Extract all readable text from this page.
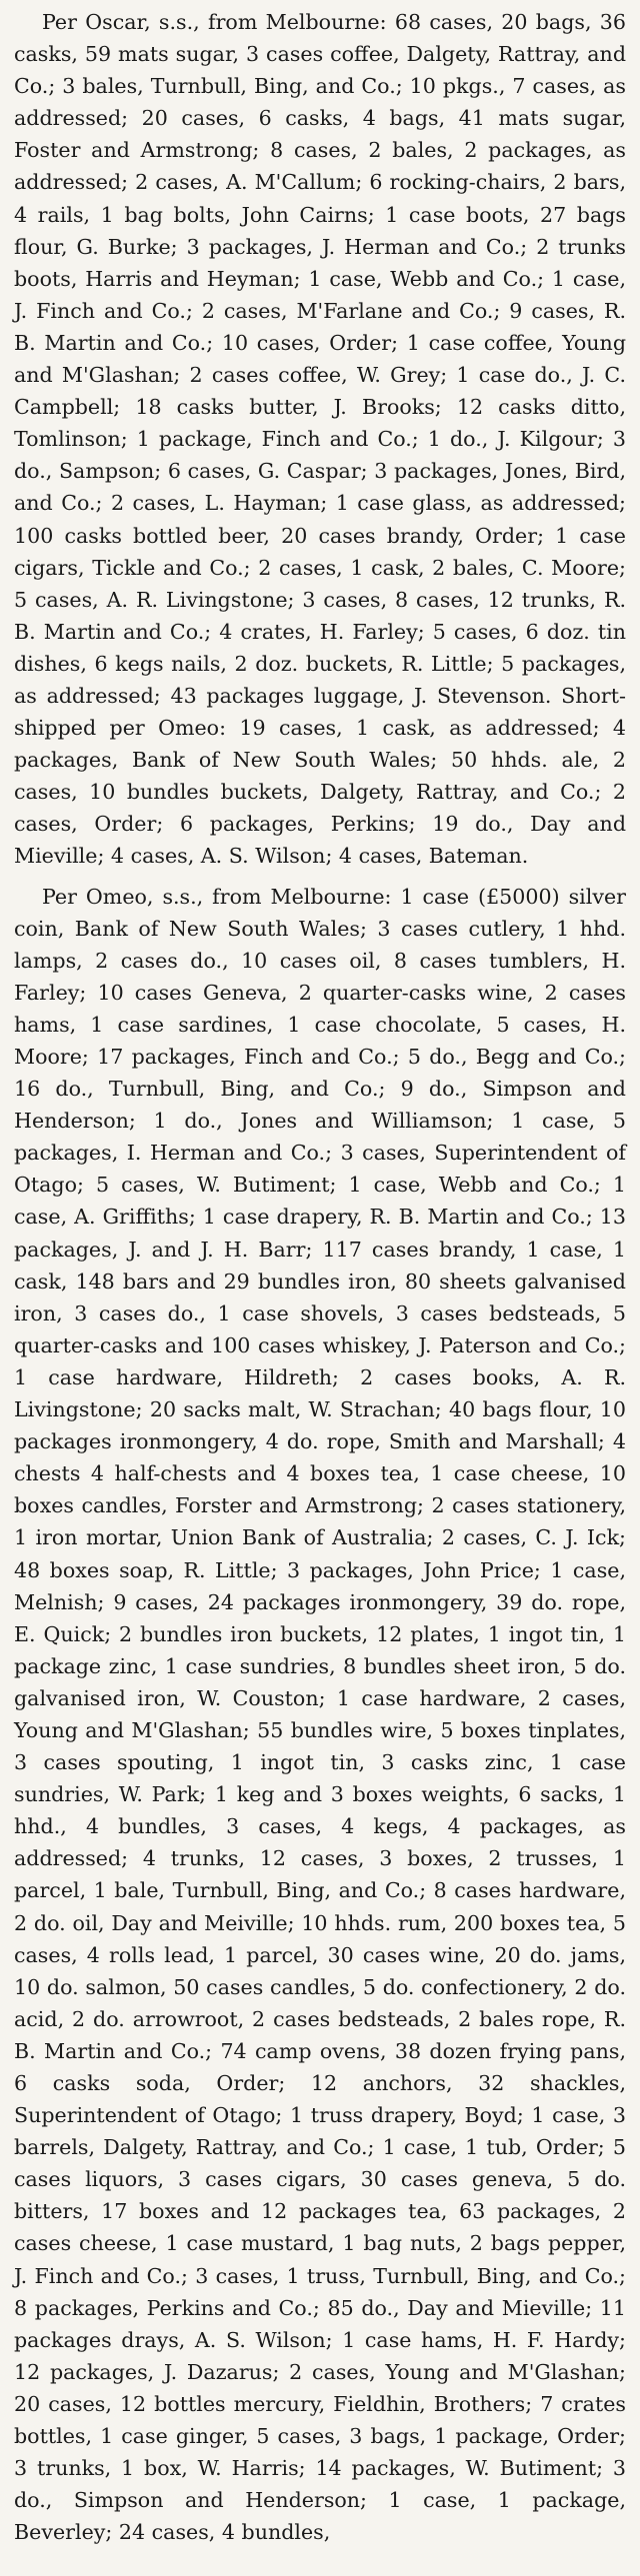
Per Oscar, s.s., from Melbourne: 68 cases, 20 bags, 36 casks, 59 mats sugar, 3 cases coffee, Dalgety, Rattray, and Co.; 3 bales, Turnbull, Bing, and Co.; 10 pkgs., 7 cases, as addressed; 20 cases, 6 casks, 4 bags, 41 mats sugar, Foster and Armstrong; 8 cases, 2 bales, 2 packages, as addressed; 2 cases, A. M'Callum; 6 rocking-chairs, 2 bars, 4 rails, 1 bag bolts, John Cairns; 1 case boots, 27 bags flour, G. Burke; 3 packages, J. Herman and Co.; 2 trunks boots, Harris and Heyman; 1 case, Webb and Co.; 1 case, J. Finch and Co.; 2 cases, M'Farlane and Co.; 9 cases, R. B. Martin and Co.; 10 cases, Order; 1 case coffee, Young and M'Glashan; 2 cases coffee, W. Grey; 1 case do., J. C. Campbell; 18 casks butter, J. Brooks; 12 casks ditto, Tomlinson; 1 package, Finch and Co.; 1 do., J. Kilgour; 3 do., Sampson; 6 cases, G. Caspar; 3 packages, Jones, Bird, and Co.; 2 cases, L. Hayman; 1 case glass, as addressed; 100 casks bottled beer, 20 cases brandy, Order; 1 case cigars, Tickle and Co.; 2 cases, 1 cask, 2 bales, C. Moore; 5 cases, A. R. Livingstone; 3 cases, 8 cases, 12 trunks, R. B. Martin and Co.; 4 crates, H. Farley; 5 cases, 6 doz. tin dishes, 6 kegs nails, 2 doz. buckets, R. Little; 5 packages, as addressed; 43 packages luggage, J. Stevenson. Short-shipped per Omeo: 19 cases, 1 cask, as addressed; 4 packages, Bank of New South Wales; 50 hhds. ale, 2 cases, 10 bundles buckets, Dalgety, Rattray, and Co.; 2 cases, Order; 6 packages, Perkins; 19 do., Day and Mieville; 4 cases, A. S. Wilson; 4 cases, Bateman.

Per Omeo, s.s., from Melbourne: 1 case (£5000) silver coin, Bank of New South Wales; 3 cases cutlery, 1 hhd. lamps, 2 cases do., 10 cases oil, 8 cases tumblers, H. Farley; 10 cases Geneva, 2 quarter-casks wine, 2 cases hams, 1 case sardines, 1 case chocolate, 5 cases, H. Moore; 17 packages, Finch and Co.; 5 do., Begg and Co.; 16 do., Turnbull, Bing, and Co.; 9 do., Simpson and Henderson; 1 do., Jones and Williamson; 1 case, 5 packages, I. Herman and Co.; 3 cases, Superintendent of Otago; 5 cases, W. Butiment; 1 case, Webb and Co.; 1 case, A. Griffiths; 1 case drapery, R. B. Martin and Co.; 13 packages, J. and J. H. Barr; 117 cases brandy, 1 case, 1 cask, 148 bars and 29 bundles iron, 80 sheets galvanised iron, 3 cases do., 1 case shovels, 3 cases bedsteads, 5 quarter-casks and 100 cases whiskey, J. Paterson and Co.; 1 case hardware, Hildreth; 2 cases books, A. R. Livingstone; 20 sacks malt, W. Strachan; 40 bags flour, 10 packages ironmongery, 4 do. rope, Smith and Marshall; 4 chests 4 half-chests and 4 boxes tea, 1 case cheese, 10 boxes candles, Forster and Armstrong; 2 cases stationery, 1 iron mortar, Union Bank of Australia; 2 cases, C. J. Ick; 48 boxes soap, R. Little; 3 packages, John Price; 1 case, Melnish; 9 cases, 24 packages ironmongery, 39 do. rope, E. Quick; 2 bundles iron buckets, 12 plates, 1 ingot tin, 1 package zinc, 1 case sundries, 8 bundles sheet iron, 5 do. galvanised iron, W. Couston; 1 case hardware, 2 cases, Young and M'Glashan; 55 bundles wire, 5 boxes tinplates, 3 cases spouting, 1 ingot tin, 3 casks zinc, 1 case sundries, W. Park; 1 keg and 3 boxes weights, 6 sacks, 1 hhd., 4 bundles, 3 cases, 4 kegs, 4 packages, as addressed; 4 trunks, 12 cases, 3 boxes, 2 trusses, 1 parcel, 1 bale, Turnbull, Bing, and Co.; 8 cases hardware, 2 do. oil, Day and Meiville; 10 hhds. rum, 200 boxes tea, 5 cases, 4 rolls lead, 1 parcel, 30 cases wine, 20 do. jams, 10 do. salmon, 50 cases candles, 5 do. confectionery, 2 do. acid, 2 do. arrowroot, 2 cases bedsteads, 2 bales rope, R. B. Martin and Co.; 74 camp ovens, 38 dozen frying pans, 6 casks soda, Order; 12 anchors, 32 shackles, Superintendent of Otago; 1 truss drapery, Boyd; 1 case, 3 barrels, Dalgety, Rattray, and Co.; 1 case, 1 tub, Order; 5 cases liquors, 3 cases cigars, 30 cases geneva, 5 do. bitters, 17 boxes and 12 packages tea, 63 packages, 2 cases cheese, 1 case mustard, 1 bag nuts, 2 bags pepper, J. Finch and Co.; 3 cases, 1 truss, Turnbull, Bing, and Co.; 8 packages, Perkins and Co.; 85 do., Day and Mieville; 11 packages drays, A. S. Wilson; 1 case hams, H. F. Hardy; 12 packages, J. Dazarus; 2 cases, Young and M'Glashan; 20 cases, 12 bottles mercury, Fieldhin, Brothers; 7 crates bottles, 1 case ginger, 5 cases, 3 bags, 1 package, Order; 3 trunks, 1 box, W. Harris; 14 packages, W. Butiment; 3 do., Simpson and Henderson; 1 case, 1 package, Beverley; 24 cases, 4 bundles,
